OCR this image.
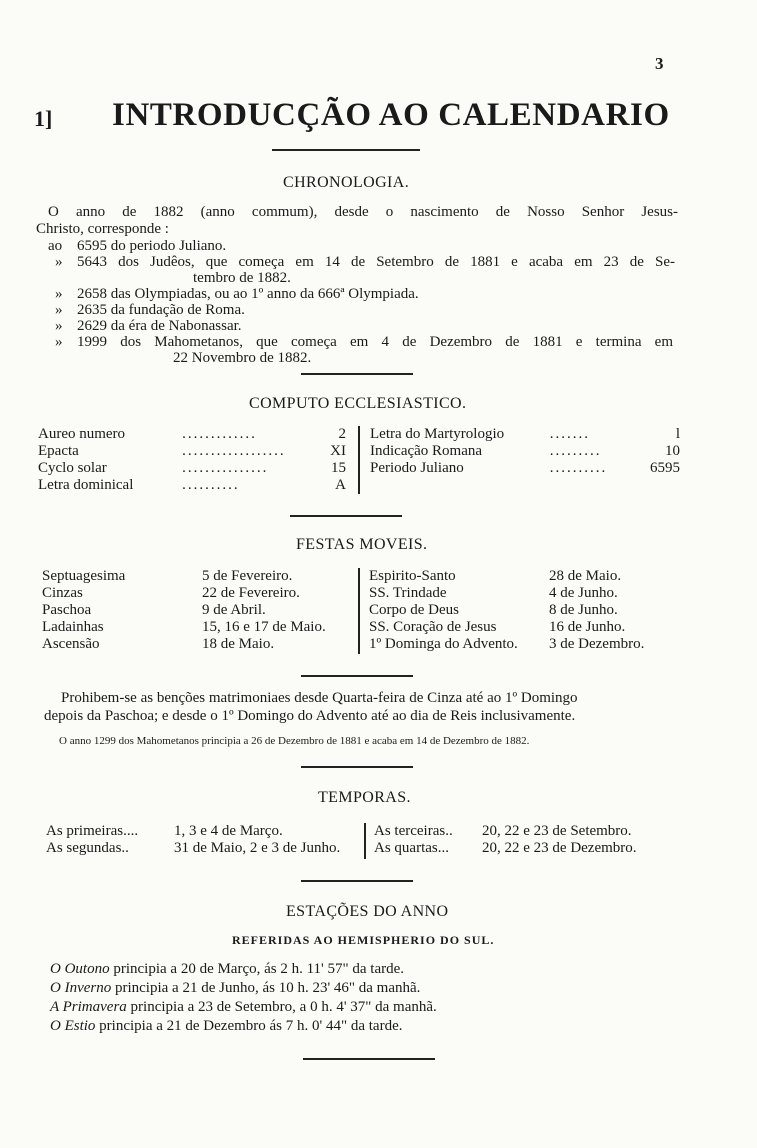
3
1] INTRODUCÇÃO AO CALENDARIO
CHRONOLOGIA.
O anno de 1882 (anno commum), desde o nascimento de Nosso Senhor Jesus-
Christo, corresponde :
ao 6595 do periodo Juliano.
» 5643 dos Judêos, que começa em 14 de Setembro de 1881 e acaba em 23 de Se-
tembro de 1882.
» 2658 das Olympiadas, ou ao 1º anno da 666ª Olympiada.
» 2635 da fundação de Roma.
» 2629 da éra de Nabonassar.
» 1999 dos Mahometanos, que começa em 4 de Dezembro de 1881 e termina em
22 Novembro de 1882.
COMPUTO ECCLESIASTICO.
Aureo numero	.............	2
Epacta	..................	XI
Cyclo solar	...............	15
Letra dominical	..........	A
Letra do Martyrologio	.......	l
Indicação Romana	.........	10
Periodo Juliano	..........	6595
FESTAS MOVEIS.
Septuagesima	5 de Fevereiro.
Cinzas	22 de Fevereiro.
Paschoa	9 de Abril.
Ladainhas	15, 16 e 17 de Maio.
Ascensão	18 de Maio.
Espirito-Santo	28 de Maio.
SS. Trindade	4 de Junho.
Corpo de Deus	8 de Junho.
SS. Coração de Jesus	16 de Junho.
1º Dominga do Advento.	3 de Dezembro.
Prohibem-se as benções matrimoniaes desde Quarta-feira de Cinza até ao 1º Domingo
depois da Paschoa; e desde o 1º Domingo do Advento até ao dia de Reis inclusivamente.
O anno 1299 dos Mahometanos principia a 26 de Dezembro de 1881 e acaba em 14 de Dezembro de 1882.
TEMPORAS.
As primeiras....	1, 3 e 4 de Março.
As segundas..	31 de Maio, 2 e 3 de Junho.
As terceiras..	20, 22 e 23 de Setembro.
As quartas...	20, 22 e 23 de Dezembro.
ESTAÇÕES DO ANNO
REFERIDAS AO HEMISPHERIO DO SUL.
O Outono principia a 20 de Março, ás 2 h. 11' 57" da tarde.
O Inverno principia a 21 de Junho, ás 10 h. 23' 46" da manhã.
A Primavera principia a 23 de Setembro, a 0 h. 4' 37" da manhã.
O Estio principia a 21 de Dezembro ás 7 h. 0' 44" da tarde.
